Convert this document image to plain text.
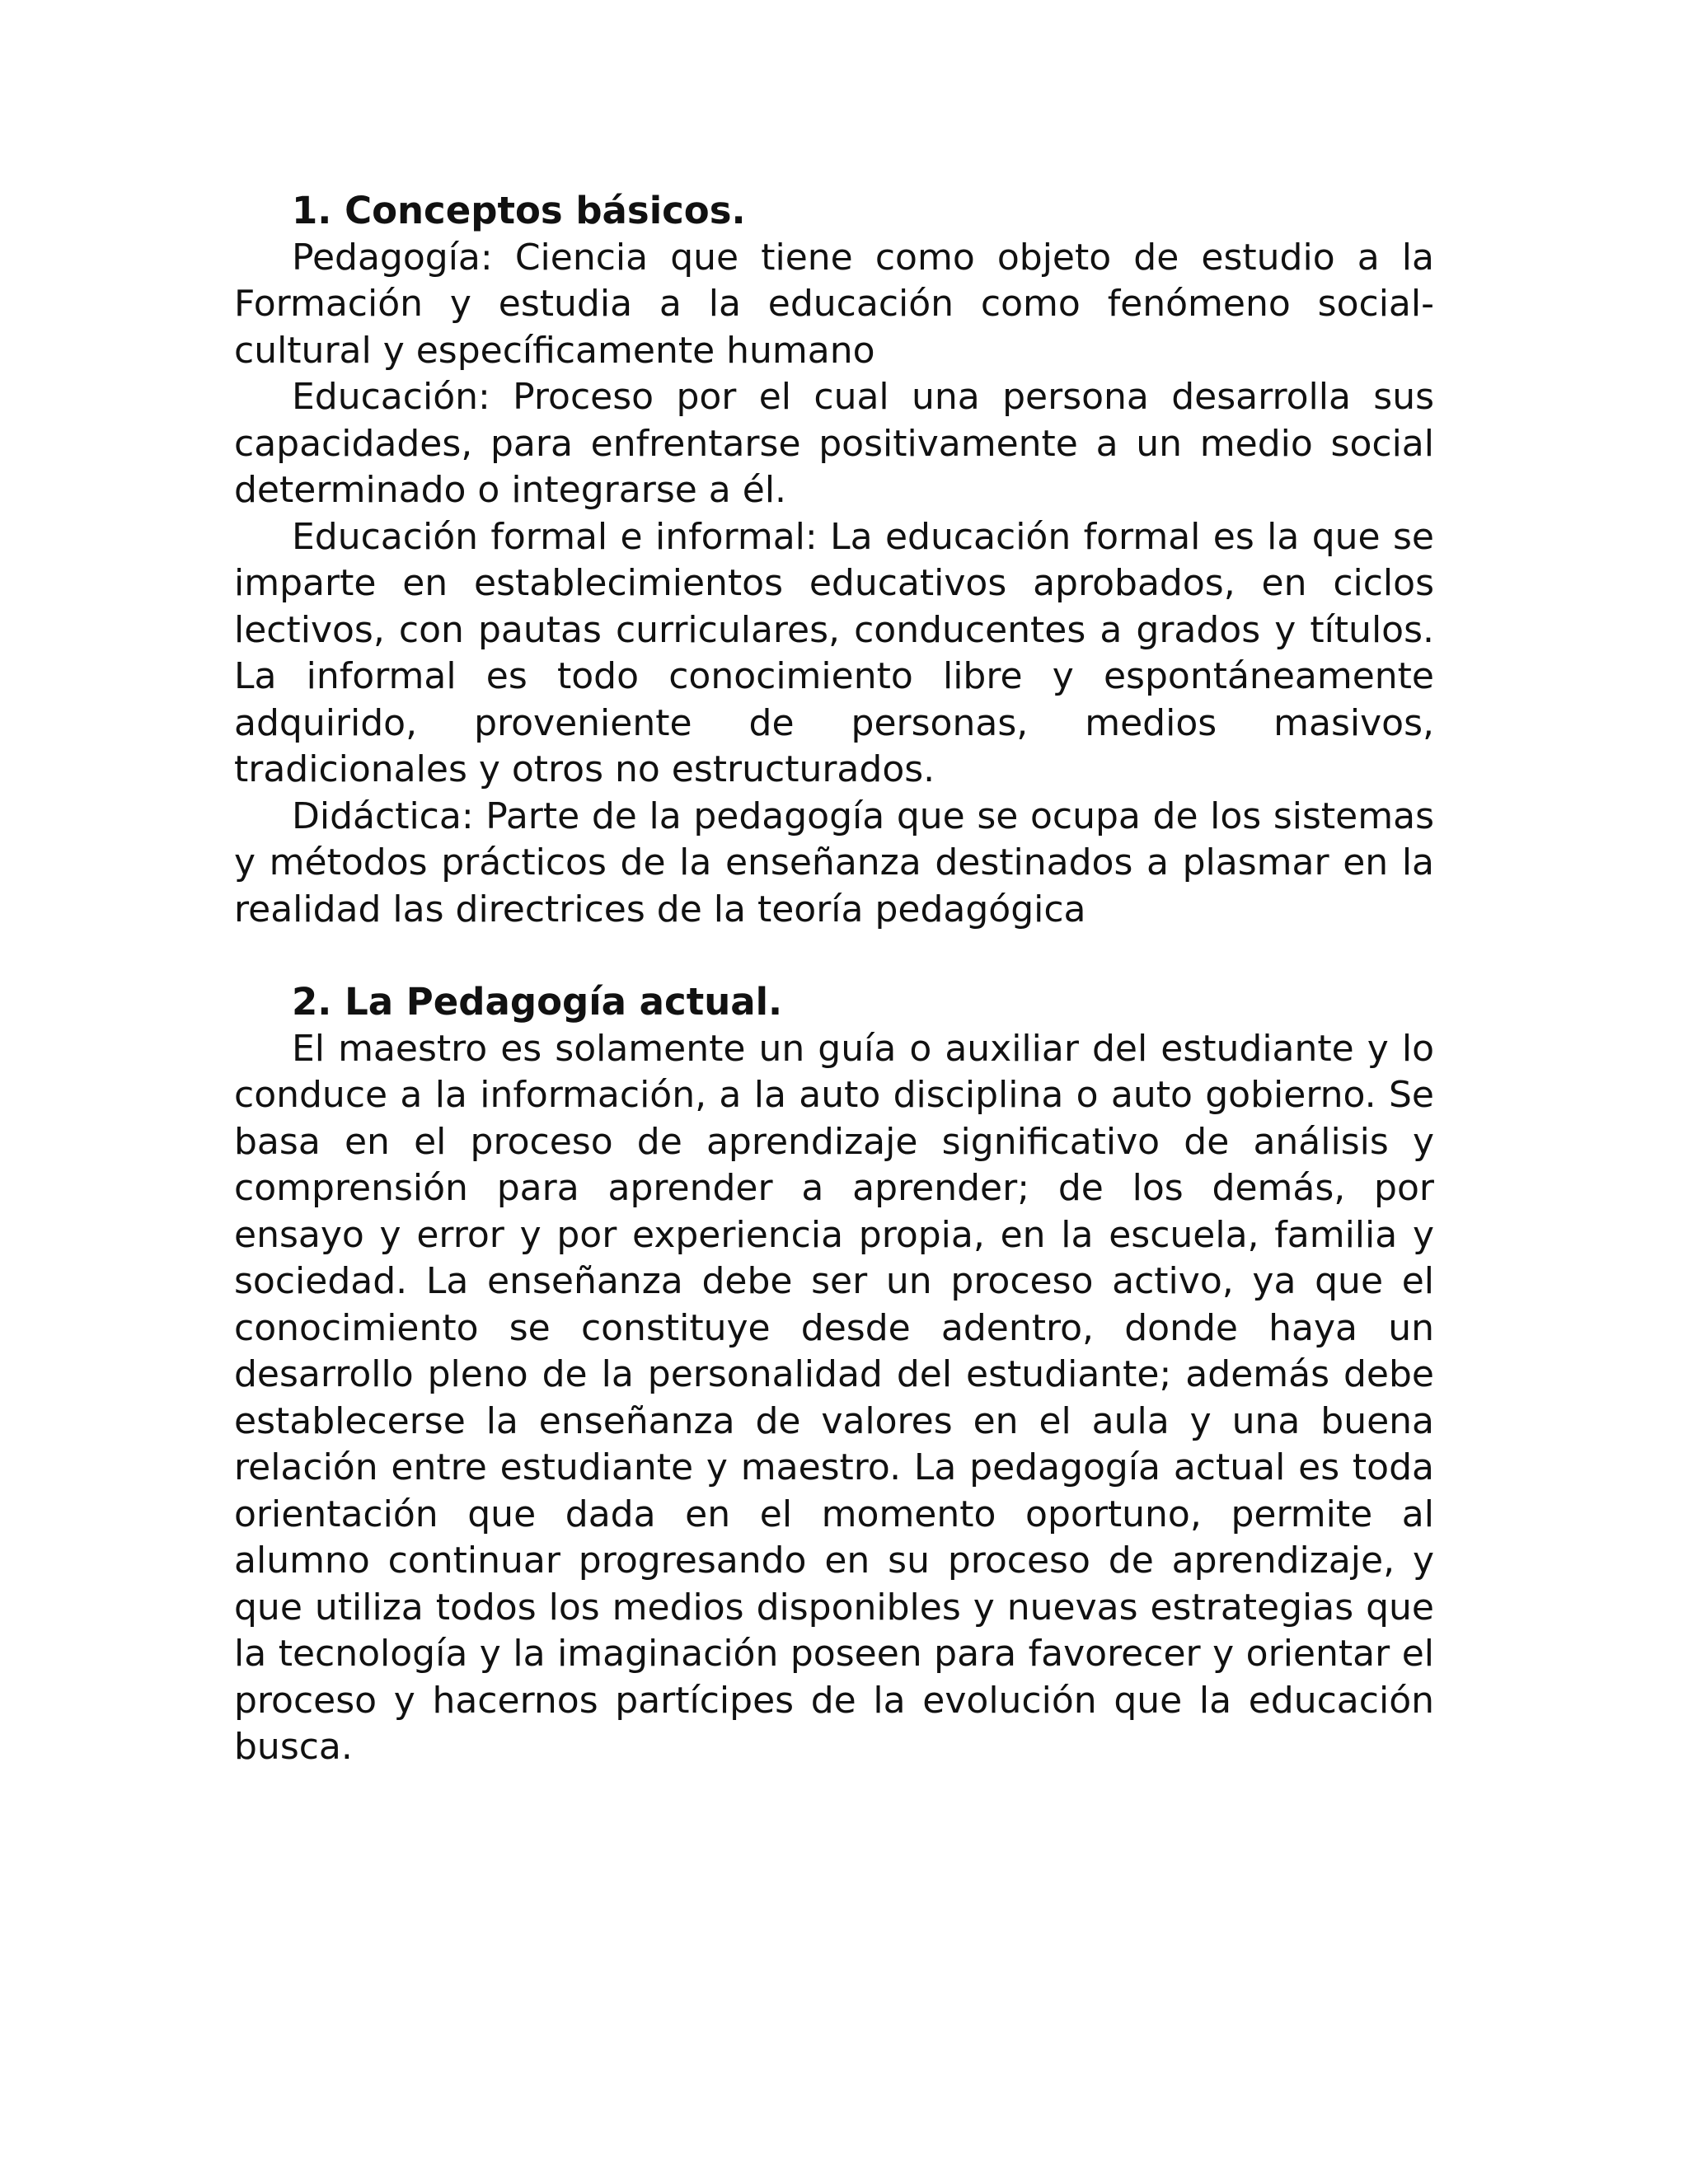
1. Conceptos básicos.

Pedagogía: Ciencia que tiene como objeto de estudio a la Formación y estudia a la educación como fenómeno social-cultural y específicamente humano

Educación: Proceso por el cual una persona desarrolla sus capacidades, para enfrentarse positivamente a un medio social determinado o integrarse a él.

Educación formal e informal: La educación formal es la que se imparte en establecimientos educativos aprobados, en ciclos lectivos, con pautas curriculares, conducentes a grados y títulos. La informal es todo conocimiento libre y espontáneamente adquirido, proveniente de personas, medios masivos, tradicionales y otros no estructurados.

Didáctica: Parte de la pedagogía que se ocupa de los sistemas y métodos prácticos de la enseñanza destinados a plasmar en la realidad las directrices de la teoría pedagógica

2. La Pedagogía actual.

El maestro es solamente un guía o auxiliar del estudiante y lo conduce a la información, a la auto disciplina o auto gobierno. Se basa en el proceso de aprendizaje significativo de análisis y comprensión para aprender a aprender; de los demás, por ensayo y error y por experiencia propia, en la escuela, familia y sociedad. La enseñanza debe ser un proceso activo, ya que el conocimiento se constituye desde adentro, donde haya un desarrollo pleno de la personalidad del estudiante; además debe establecerse la enseñanza de valores en el aula y una buena relación entre estudiante y maestro. La pedagogía actual es toda orientación que dada en el momento oportuno, permite al alumno continuar progresando en su proceso de aprendizaje, y que utiliza todos los medios disponibles y nuevas estrategias que la tecnología y la imaginación poseen para favorecer y orientar el proceso y hacernos partícipes de la evolución que la educación busca.
